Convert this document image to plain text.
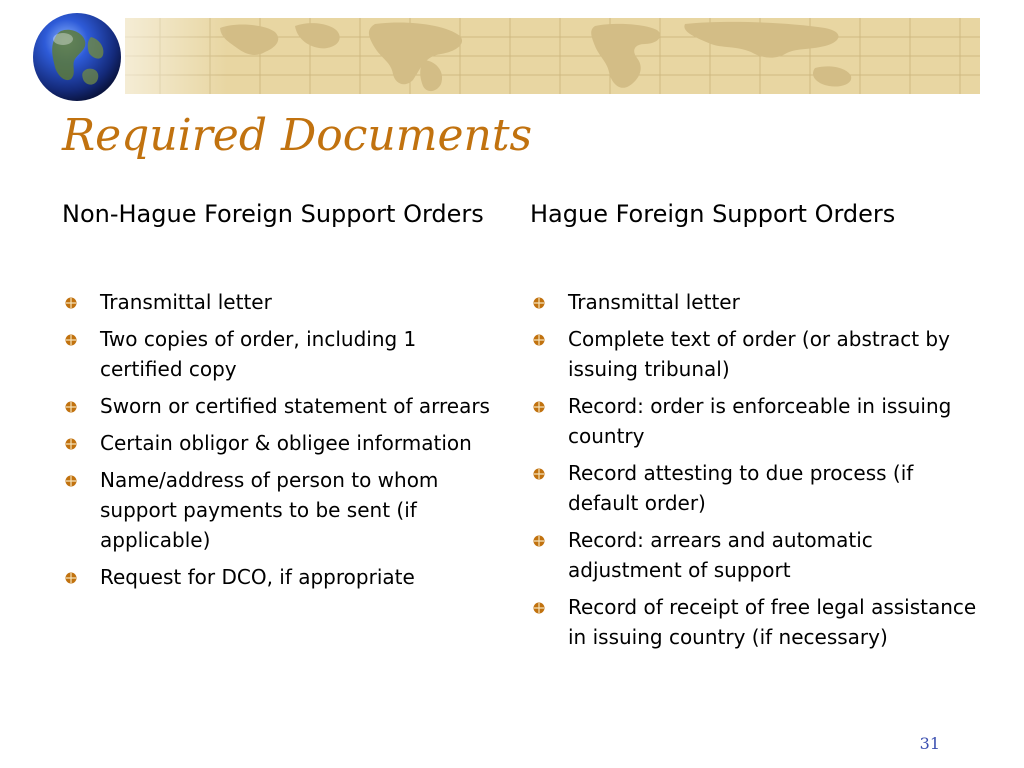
Required Documents
Non-Hague Foreign Support Orders	Hague Foreign Support Orders
Transmittal letter
Two copies of order, including 1 certified copy
Sworn or certified statement of arrears
Certain obligor & obligee information
Name/address of person to whom support payments to be sent (if applicable)
Request for DCO, if appropriate
Transmittal letter
Complete text of order (or abstract by issuing tribunal)
Record: order is enforceable in issuing country
Record attesting to due process (if default order)
Record: arrears and automatic adjustment of support
Record of receipt of free legal assistance in issuing country (if necessary)
31
